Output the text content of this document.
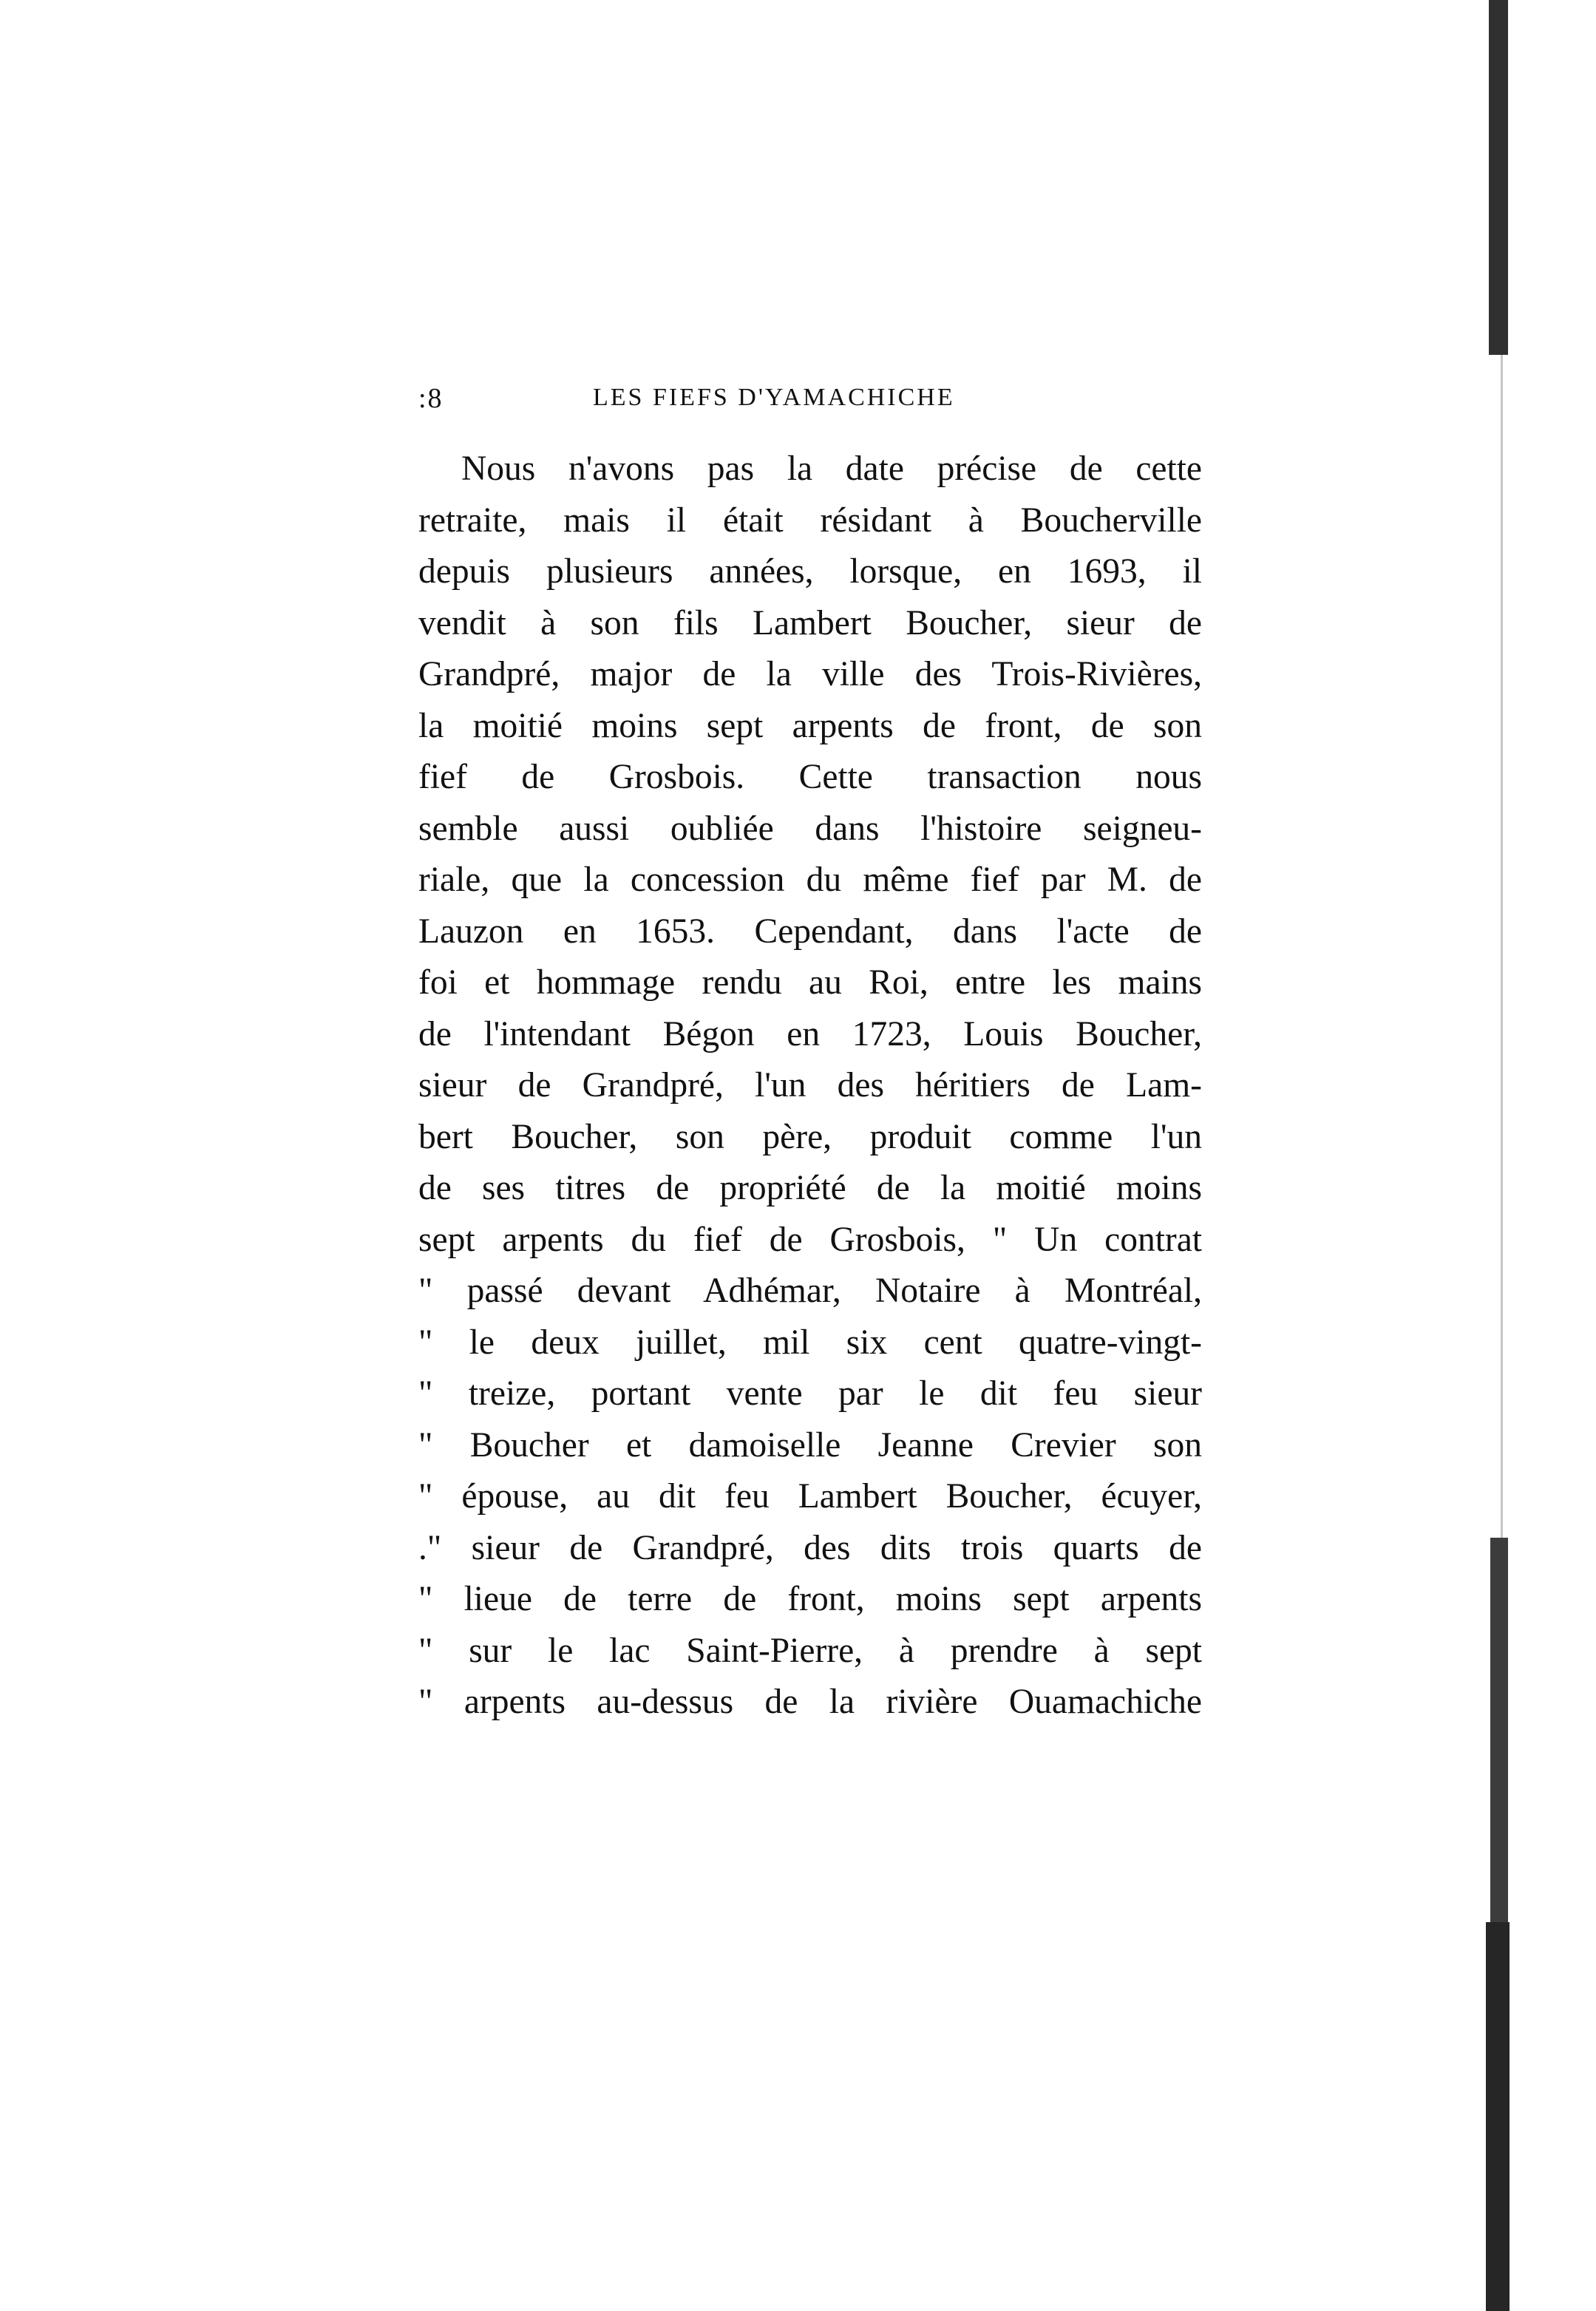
:8	LES FIEFS D'YAMACHICHE
Nous n'avons pas la date précise de cette
retraite, mais il était résidant à Boucherville
depuis plusieurs années, lorsque, en 1693, il
vendit à son fils Lambert Boucher, sieur de
Grandpré, major de la ville des Trois-Rivières,
la moitié moins sept arpents de front, de son
fief de Grosbois. Cette transaction nous
semble aussi oubliée dans l'histoire seigneu-
riale, que la concession du même fief par M. de
Lauzon en 1653. Cependant, dans l'acte de
foi et hommage rendu au Roi, entre les mains
de l'intendant Bégon en 1723, Louis Boucher,
sieur de Grandpré, l'un des héritiers de Lam-
bert Boucher, son père, produit comme l'un
de ses titres de propriété de la moitié moins
sept arpents du fief de Grosbois, " Un contrat
" passé devant Adhémar, Notaire à Montréal,
" le deux juillet, mil six cent quatre-vingt-
" treize, portant vente par le dit feu sieur
" Boucher et damoiselle Jeanne Crevier son
" épouse, au dit feu Lambert Boucher, écuyer,
." sieur de Grandpré, des dits trois quarts de
" lieue de terre de front, moins sept arpents
" sur le lac Saint-Pierre, à prendre à sept
" arpents au-dessus de la rivière Ouamachiche
